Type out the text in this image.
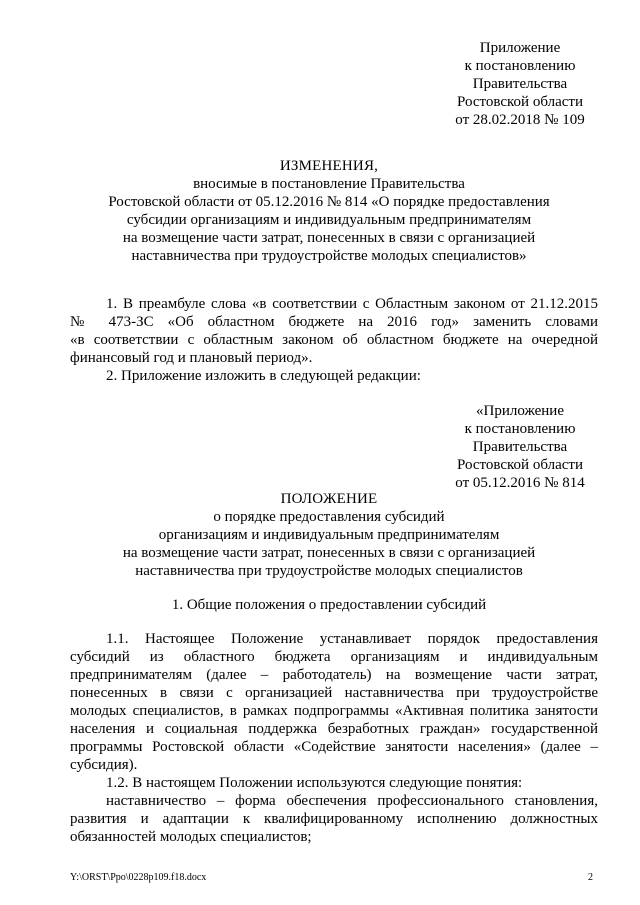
Приложение
к постановлению
Правительства
Ростовской области
от 28.02.2018 № 109
ИЗМЕНЕНИЯ,
вносимые в постановление Правительства
Ростовской области от 05.12.2016 № 814 «О порядке предоставления
субсидии организациям и индивидуальным предпринимателям
на возмещение части затрат, понесенных в связи с организацией
наставничества при трудоустройстве молодых специалистов»
1. В преамбуле слова «в соответствии с Областным законом от 21.12.2015
№ 473-ЗС «Об областном бюджете на 2016 год» заменить словами
«в соответствии с областным законом об областном бюджете на очередной
финансовый год и плановый период».
2. Приложение изложить в следующей редакции:
«Приложение
к постановлению
Правительства
Ростовской области
от 05.12.2016 № 814
ПОЛОЖЕНИЕ
о порядке предоставления субсидий
организациям и индивидуальным предпринимателям
на возмещение части затрат, понесенных в связи с организацией
наставничества при трудоустройстве молодых специалистов
1. Общие положения о предоставлении субсидий
1.1. Настоящее Положение устанавливает порядок предоставления
субсидий из областного бюджета организациям и индивидуальным
предпринимателям (далее – работодатель) на возмещение части затрат,
понесенных в связи с организацией наставничества при трудоустройстве
молодых специалистов, в рамках подпрограммы «Активная политика занятости
населения и социальная поддержка безработных граждан» государственной
программы Ростовской области «Содействие занятости населения» (далее –
субсидия).
1.2. В настоящем Положении используются следующие понятия:
наставничество – форма обеспечения профессионального становления,
развития и адаптации к квалифицированному исполнению должностных
обязанностей молодых специалистов;
Y:\ORST\Ppo\0228p109.f18.docx	2
